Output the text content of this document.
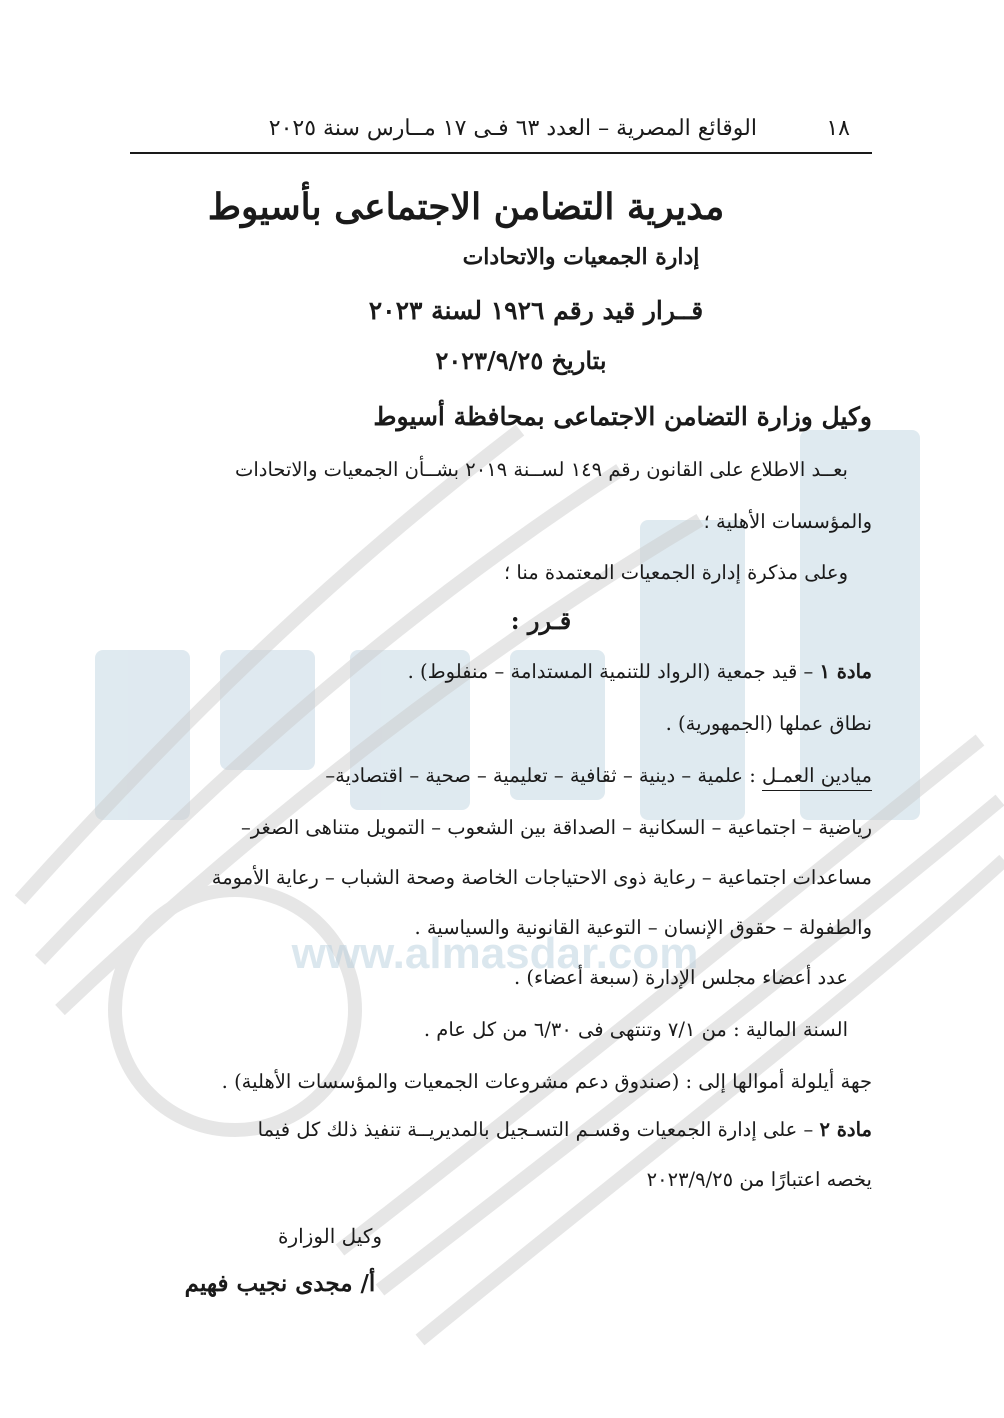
www.almasdar.com
١٨
الوقائع المصرية – العدد ٦٣ فـى ١٧ مــارس سنة ٢٠٢٥
مديرية التضامن الاجتماعى بأسيوط
إدارة الجمعيات والاتحادات
قــرار قيد رقم ١٩٢٦ لسنة ٢٠٢٣
بتاريخ ٢٠٢٣/٩/٢٥
وكيل وزارة التضامن الاجتماعى بمحافظة أسيوط
بعــد الاطلاع على القانون رقم ١٤٩ لســنة ٢٠١٩ بشــأن الجمعيات والاتحادات
والمؤسسات الأهلية ؛
وعلى مذكرة إدارة الجمعيات المعتمدة منا ؛
قـرر :
مادة ١ – قيد جمعية (الرواد للتنمية المستدامة – منفلوط) .
نطاق عملها (الجمهورية) .
ميادين العمـل : علمية – دينية – ثقافية – تعليمية – صحية – اقتصادية–
رياضية – اجتماعية – السكانية – الصداقة بين الشعوب – التمويل متناهى الصغر–
مساعدات اجتماعية – رعاية ذوى الاحتياجات الخاصة وصحة الشباب – رعاية الأمومة
والطفولة – حقوق الإنسان – التوعية القانونية والسياسية .
عدد أعضاء مجلس الإدارة (سبعة أعضاء) .
السنة المالية : من ٧/١ وتنتهى فى ٦/٣٠ من كل عام .
جهة أيلولة أموالها إلى : (صندوق دعم مشروعات الجمعيات والمؤسسات الأهلية) .
مادة ٢ – على إدارة الجمعيات وقسـم التسـجيل بالمديريــة تنفيذ ذلك كل فيما
يخصه اعتبارًا من ٢٠٢٣/٩/٢٥
وكيل الوزارة
أ/ مجدى نجيب فهيم
